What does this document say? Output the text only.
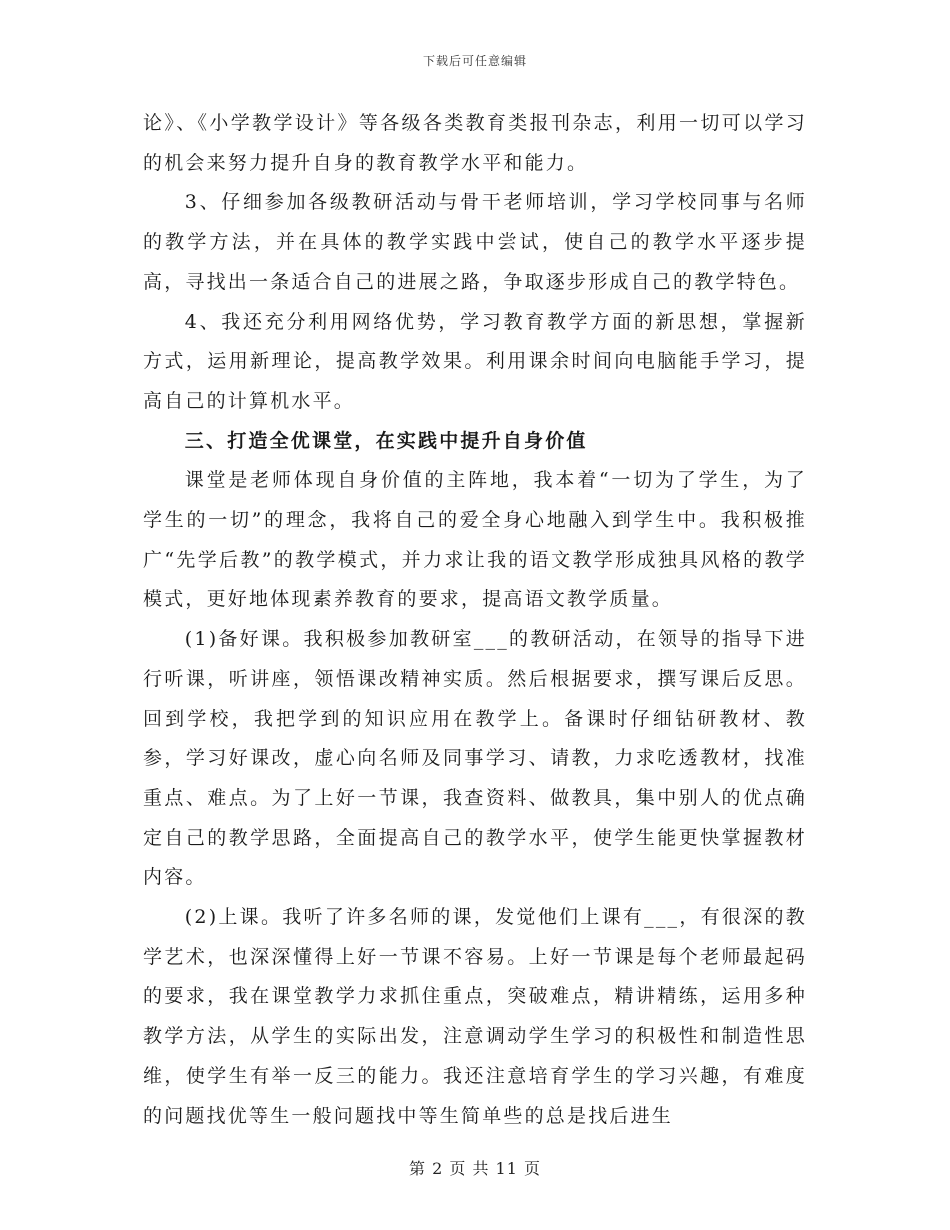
下载后可任意编辑

论》、《小学教学设计》等各级各类教育类报刊杂志，利用一切可以学习的机会来努力提升自身的教育教学水平和能力。

3、仔细参加各级教研活动与骨干老师培训，学习学校同事与名师的教学方法，并在具体的教学实践中尝试，使自己的教学水平逐步提高，寻找出一条适合自己的进展之路，争取逐步形成自己的教学特色。

4、我还充分利用网络优势，学习教育教学方面的新思想，掌握新方式，运用新理论，提高教学效果。利用课余时间向电脑能手学习，提高自己的计算机水平。

三、打造全优课堂，在实践中提升自身价值

课堂是老师体现自身价值的主阵地，我本着“一切为了学生，为了学生的一切”的理念，我将自己的爱全身心地融入到学生中。我积极推广“先学后教”的教学模式，并力求让我的语文教学形成独具风格的教学模式，更好地体现素养教育的要求，提高语文教学质量。

(1)备好课。我积极参加教研室___的教研活动，在领导的指导下进行听课，听讲座，领悟课改精神实质。然后根据要求，撰写课后反思。回到学校，我把学到的知识应用在教学上。备课时仔细钻研教材、教参，学习好课改，虚心向名师及同事学习、请教，力求吃透教材，找准重点、难点。为了上好一节课，我查资料、做教具，集中别人的优点确定自己的教学思路，全面提高自己的教学水平，使学生能更快掌握教材内容。

(2)上课。我听了许多名师的课，发觉他们上课有___，有很深的教学艺术，也深深懂得上好一节课不容易。上好一节课是每个老师最起码的要求，我在课堂教学力求抓住重点，突破难点，精讲精练，运用多种教学方法，从学生的实际出发，注意调动学生学习的积极性和制造性思维，使学生有举一反三的能力。我还注意培育学生的学习兴趣，有难度的问题找优等生一般问题找中等生简单些的总是找后进生

第 2 页 共 11 页
